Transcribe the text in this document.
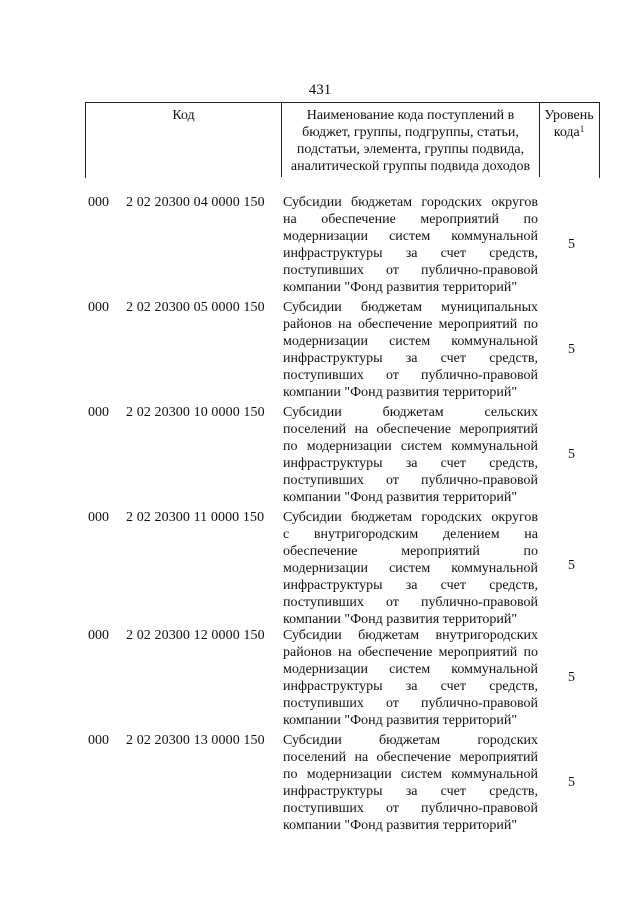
431
Код	Наименование кода поступлений в бюджет, группы, подгруппы, статьи, подстатьи, элемента, группы подвида, аналитической группы подвида доходов
Уровень кода$^1$
000 2 02 20300 04 0000 150 Субсидии бюджетам городских округов

на обеспечение мероприятий по

модернизации систем коммунальной

инфраструктуры за счет средств,

поступивших от публично-правовой

компании "Фонд развития территорий"

5
000 2 02 20300 05 0000 150 Субсидии бюджетам муниципальных

районов на обеспечение мероприятий по

модернизации систем коммунальной

инфраструктуры за счет средств,

поступивших от публично-правовой

компании "Фонд развития территорий"

5
000 2 02 20300 10 0000 150 Субсидии бюджетам сельских

поселений на обеспечение мероприятий

по модернизации систем коммунальной

инфраструктуры за счет средств,

поступивших от публично-правовой

компании "Фонд развития территорий"

5
000 2 02 20300 11 0000 150 Субсидии бюджетам городских округов

с внутригородским делением на

обеспечение мероприятий по

модернизации систем коммунальной

инфраструктуры за счет средств,

поступивших от публично-правовой

компании "Фонд развития территорий"

5
000 2 02 20300 12 0000 150 Субсидии бюджетам внутригородских

районов на обеспечение мероприятий по

модернизации систем коммунальной

инфраструктуры за счет средств,

поступивших от публично-правовой

компании "Фонд развития территорий"

5
000 2 02 20300 13 0000 150 Субсидии бюджетам городских

поселений на обеспечение мероприятий

по модернизации систем коммунальной

инфраструктуры за счет средств,

поступивших от публично-правовой

компании "Фонд развития территорий"

5
